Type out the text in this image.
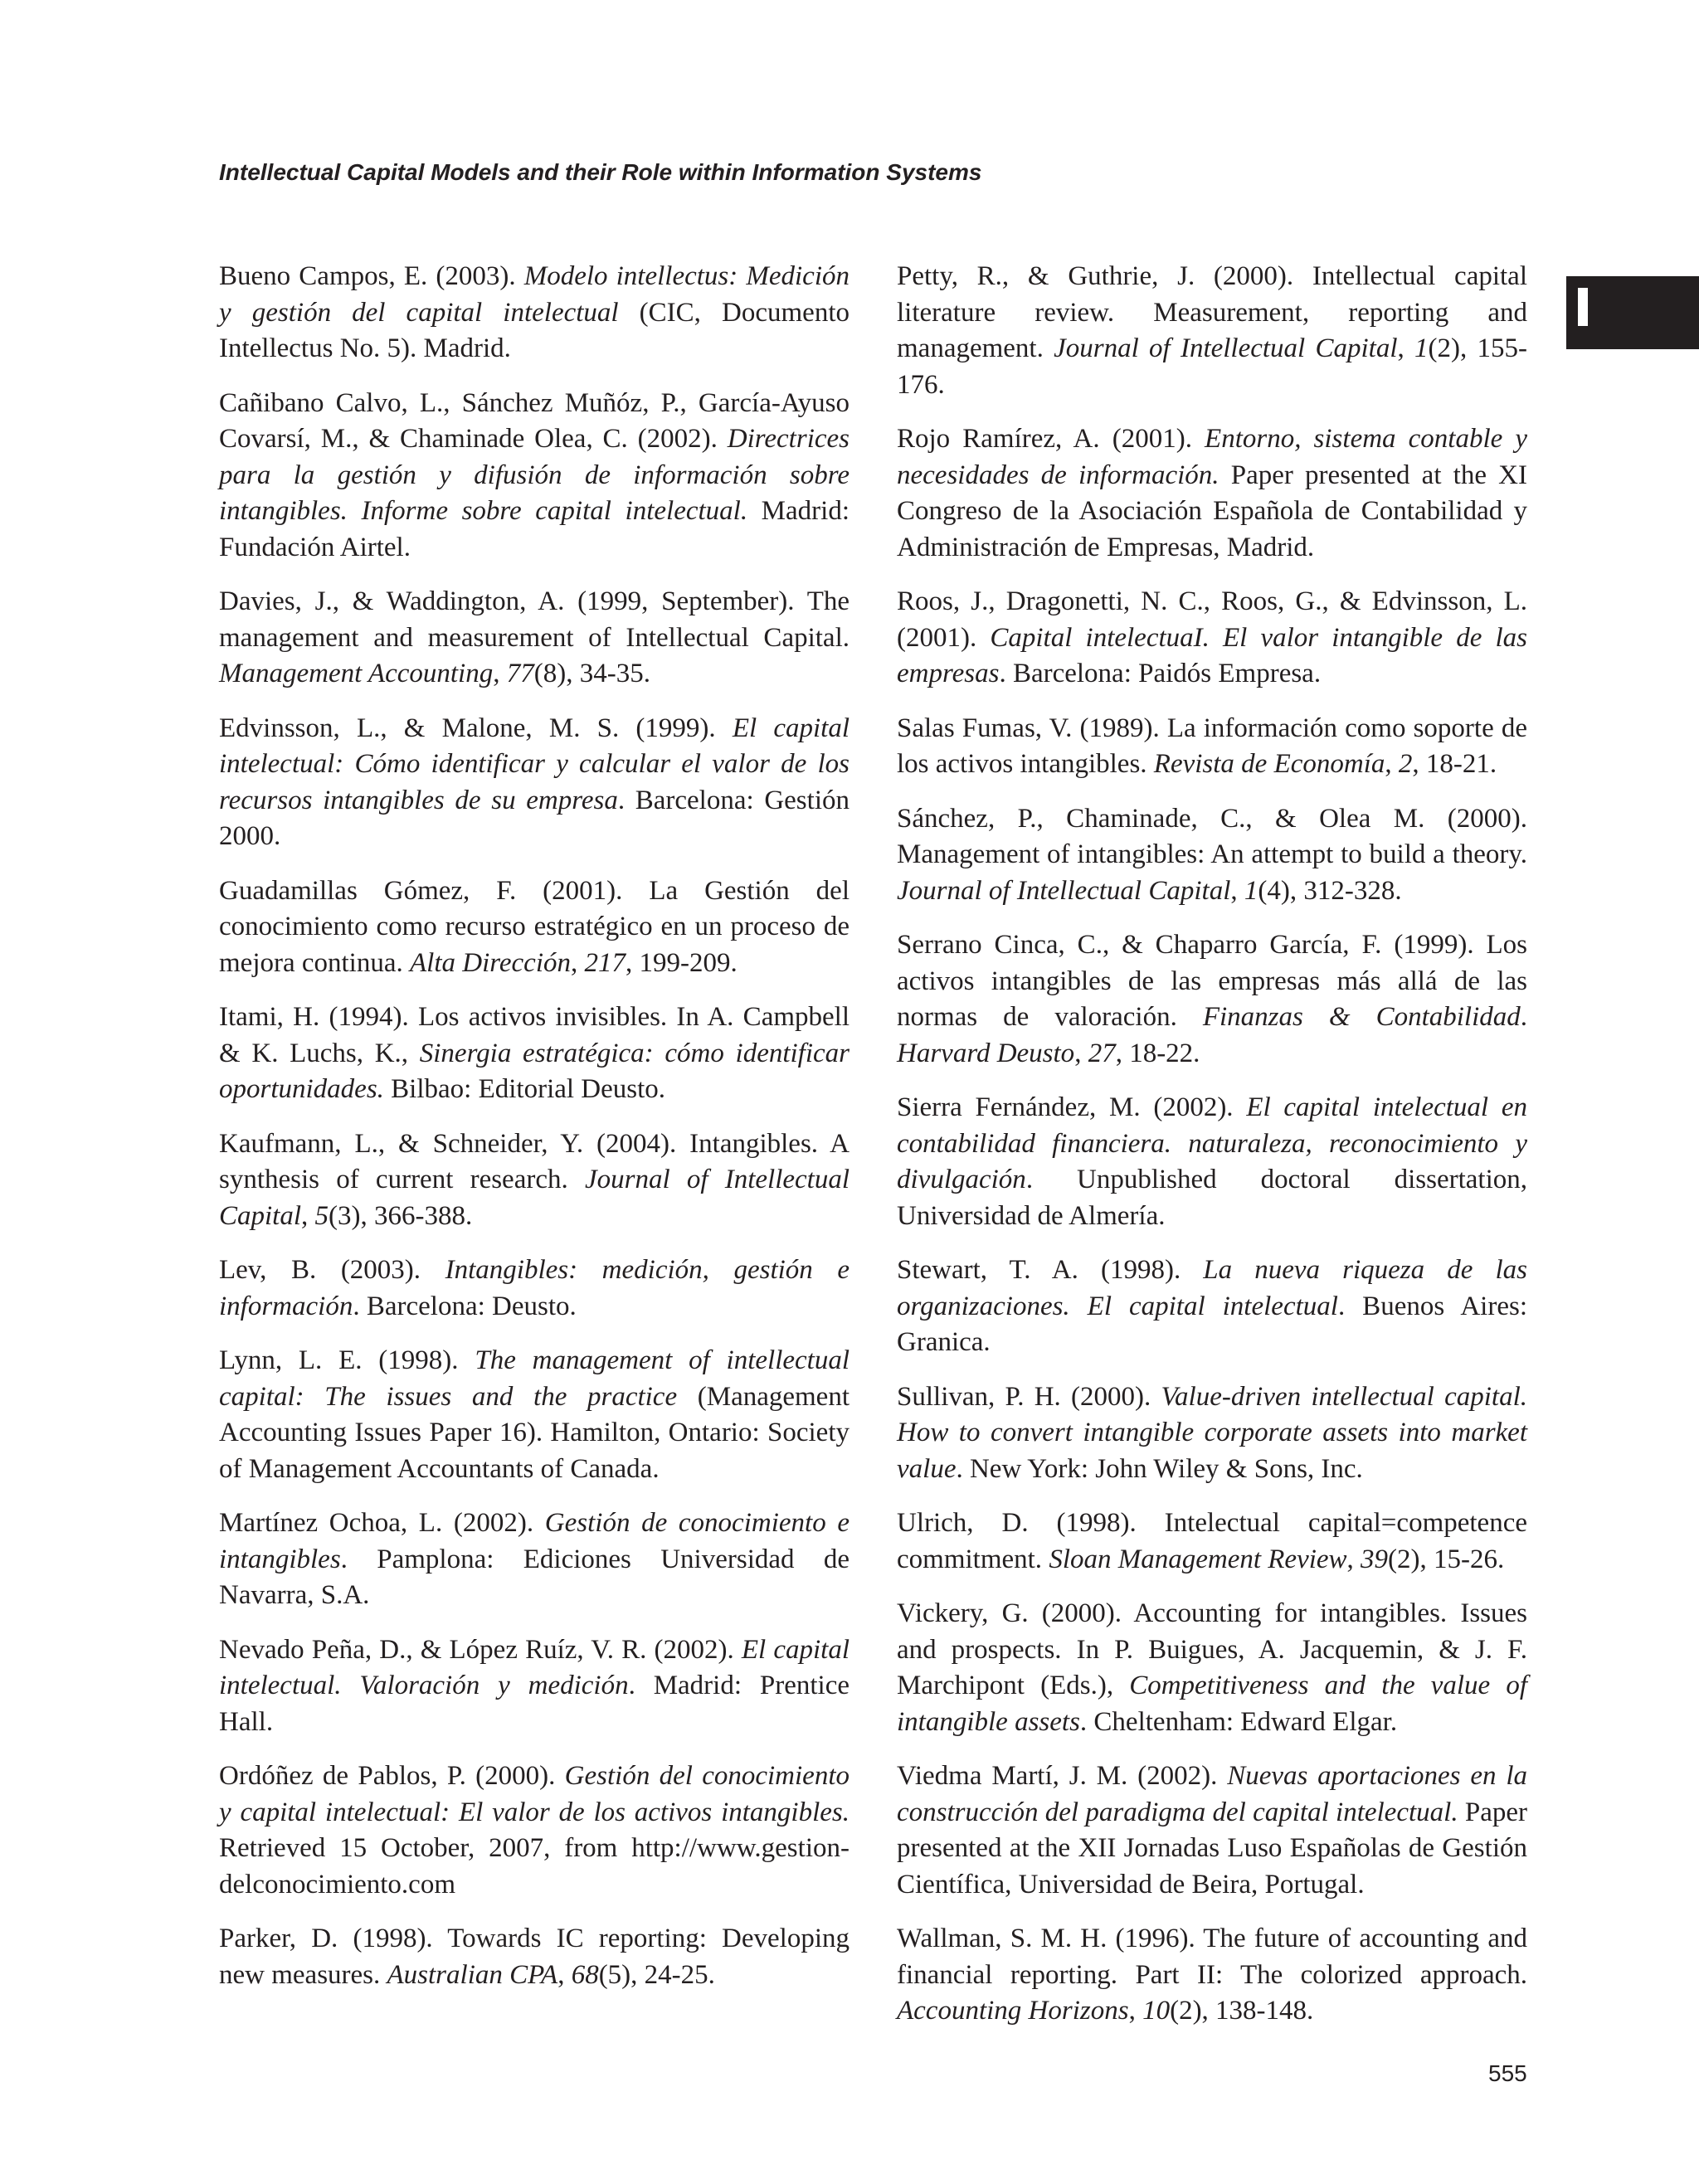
Intellectual Capital Models and their Role within Information Systems

Bueno Campos, E. (2003). Modelo intellectus: Medición y gestión del capital intelectual (CIC, Documento Intellectus No. 5). Madrid.

Cañibano Calvo, L., Sánchez Muñóz, P., García-Ayuso Covarsí, M., & Chaminade Olea, C. (2002). Directrices para la gestión y difusión de información sobre intangibles. Informe sobre capital intelectual. Madrid: Fundación Airtel.

Davies, J., & Waddington, A. (1999, September). The management and measurement of Intellectual Capital. Management Accounting, 77(8), 34-35.

Edvinsson, L., & Malone, M. S. (1999). El capital intelectual: Cómo identificar y calcular el valor de los recursos intangibles de su empresa. Barcelona: Gestión 2000.

Guadamillas Gómez, F. (2001). La Gestión del conocimiento como recurso estratégico en un proceso de mejora continua. Alta Dirección, 217, 199-209.

Itami, H. (1994). Los activos invisibles. In A. Campbell & K. Luchs, K., Sinergia estratégica: cómo identificar oportunidades. Bilbao: Editorial Deusto.

Kaufmann, L., & Schneider, Y. (2004). Intangibles. A synthesis of current research. Journal of Intellectual Capital, 5(3), 366-388.

Lev, B. (2003). Intangibles: medición, gestión e información. Barcelona: Deusto.

Lynn, L. E. (1998). The management of intellectual capital: The issues and the practice (Management Accounting Issues Paper 16). Hamilton, Ontario: Society of Management Accountants of Canada.

Martínez Ochoa, L. (2002). Gestión de conocimiento e intangibles. Pamplona: Ediciones Universidad de Navarra, S.A.

Nevado Peña, D., & López Ruíz, V. R. (2002). El capital intelectual. Valoración y medición. Madrid: Prentice Hall.

Ordóñez de Pablos, P. (2000). Gestión del conocimiento y capital intelectual: El valor de los activos intangibles. Retrieved 15 October, 2007, from http://www.gestiondelconocimiento.com

Parker, D. (1998). Towards IC reporting: Developing new measures. Australian CPA, 68(5), 24-25.

Petty, R., & Guthrie, J. (2000). Intellectual capital literature review. Measurement, reporting and management. Journal of Intellectual Capital, 1(2), 155-176.

Rojo Ramírez, A. (2001). Entorno, sistema contable y necesidades de información. Paper presented at the XI Congreso de la Asociación Española de Contabilidad y Administración de Empresas, Madrid.

Roos, J., Dragonetti, N. C., Roos, G., & Edvinsson, L. (2001). Capital intelectuaI. El valor intangible de las empresas. Barcelona: Paidós Empresa.

Salas Fumas, V. (1989). La información como soporte de los activos intangibles. Revista de Economía, 2, 18-21.

Sánchez, P., Chaminade, C., & Olea M. (2000). Management of intangibles: An attempt to build a theory. Journal of Intellectual Capital, 1(4), 312-328.

Serrano Cinca, C., & Chaparro García, F. (1999). Los activos intangibles de las empresas más allá de las normas de valoración. Finanzas & Contabilidad. Harvard Deusto, 27, 18-22.

Sierra Fernández, M. (2002). El capital intelectual en contabilidad financiera. naturaleza, reconocimiento y divulgación. Unpublished doctoral dissertation, Universidad de Almería.

Stewart, T. A. (1998). La nueva riqueza de las organizaciones. El capital intelectual. Buenos Aires: Granica.

Sullivan, P. H. (2000). Value-driven intellectual capital. How to convert intangible corporate assets into market value. New York: John Wiley & Sons, Inc.

Ulrich, D. (1998). Intelectual capital=competence commitment. Sloan Management Review, 39(2), 15-26.

Vickery, G. (2000). Accounting for intangibles. Issues and prospects. In P. Buigues, A. Jacquemin, & J. F. Marchipont (Eds.), Competitiveness and the value of intangible assets. Cheltenham: Edward Elgar.

Viedma Martí, J. M. (2002). Nuevas aportaciones en la construcción del paradigma del capital intelectual. Paper presented at the XII Jornadas Luso Españolas de Gestión Científica, Universidad de Beira, Portugal.

Wallman, S. M. H. (1996). The future of accounting and financial reporting. Part II: The colorized approach. Accounting Horizons, 10(2), 138-148.

555
